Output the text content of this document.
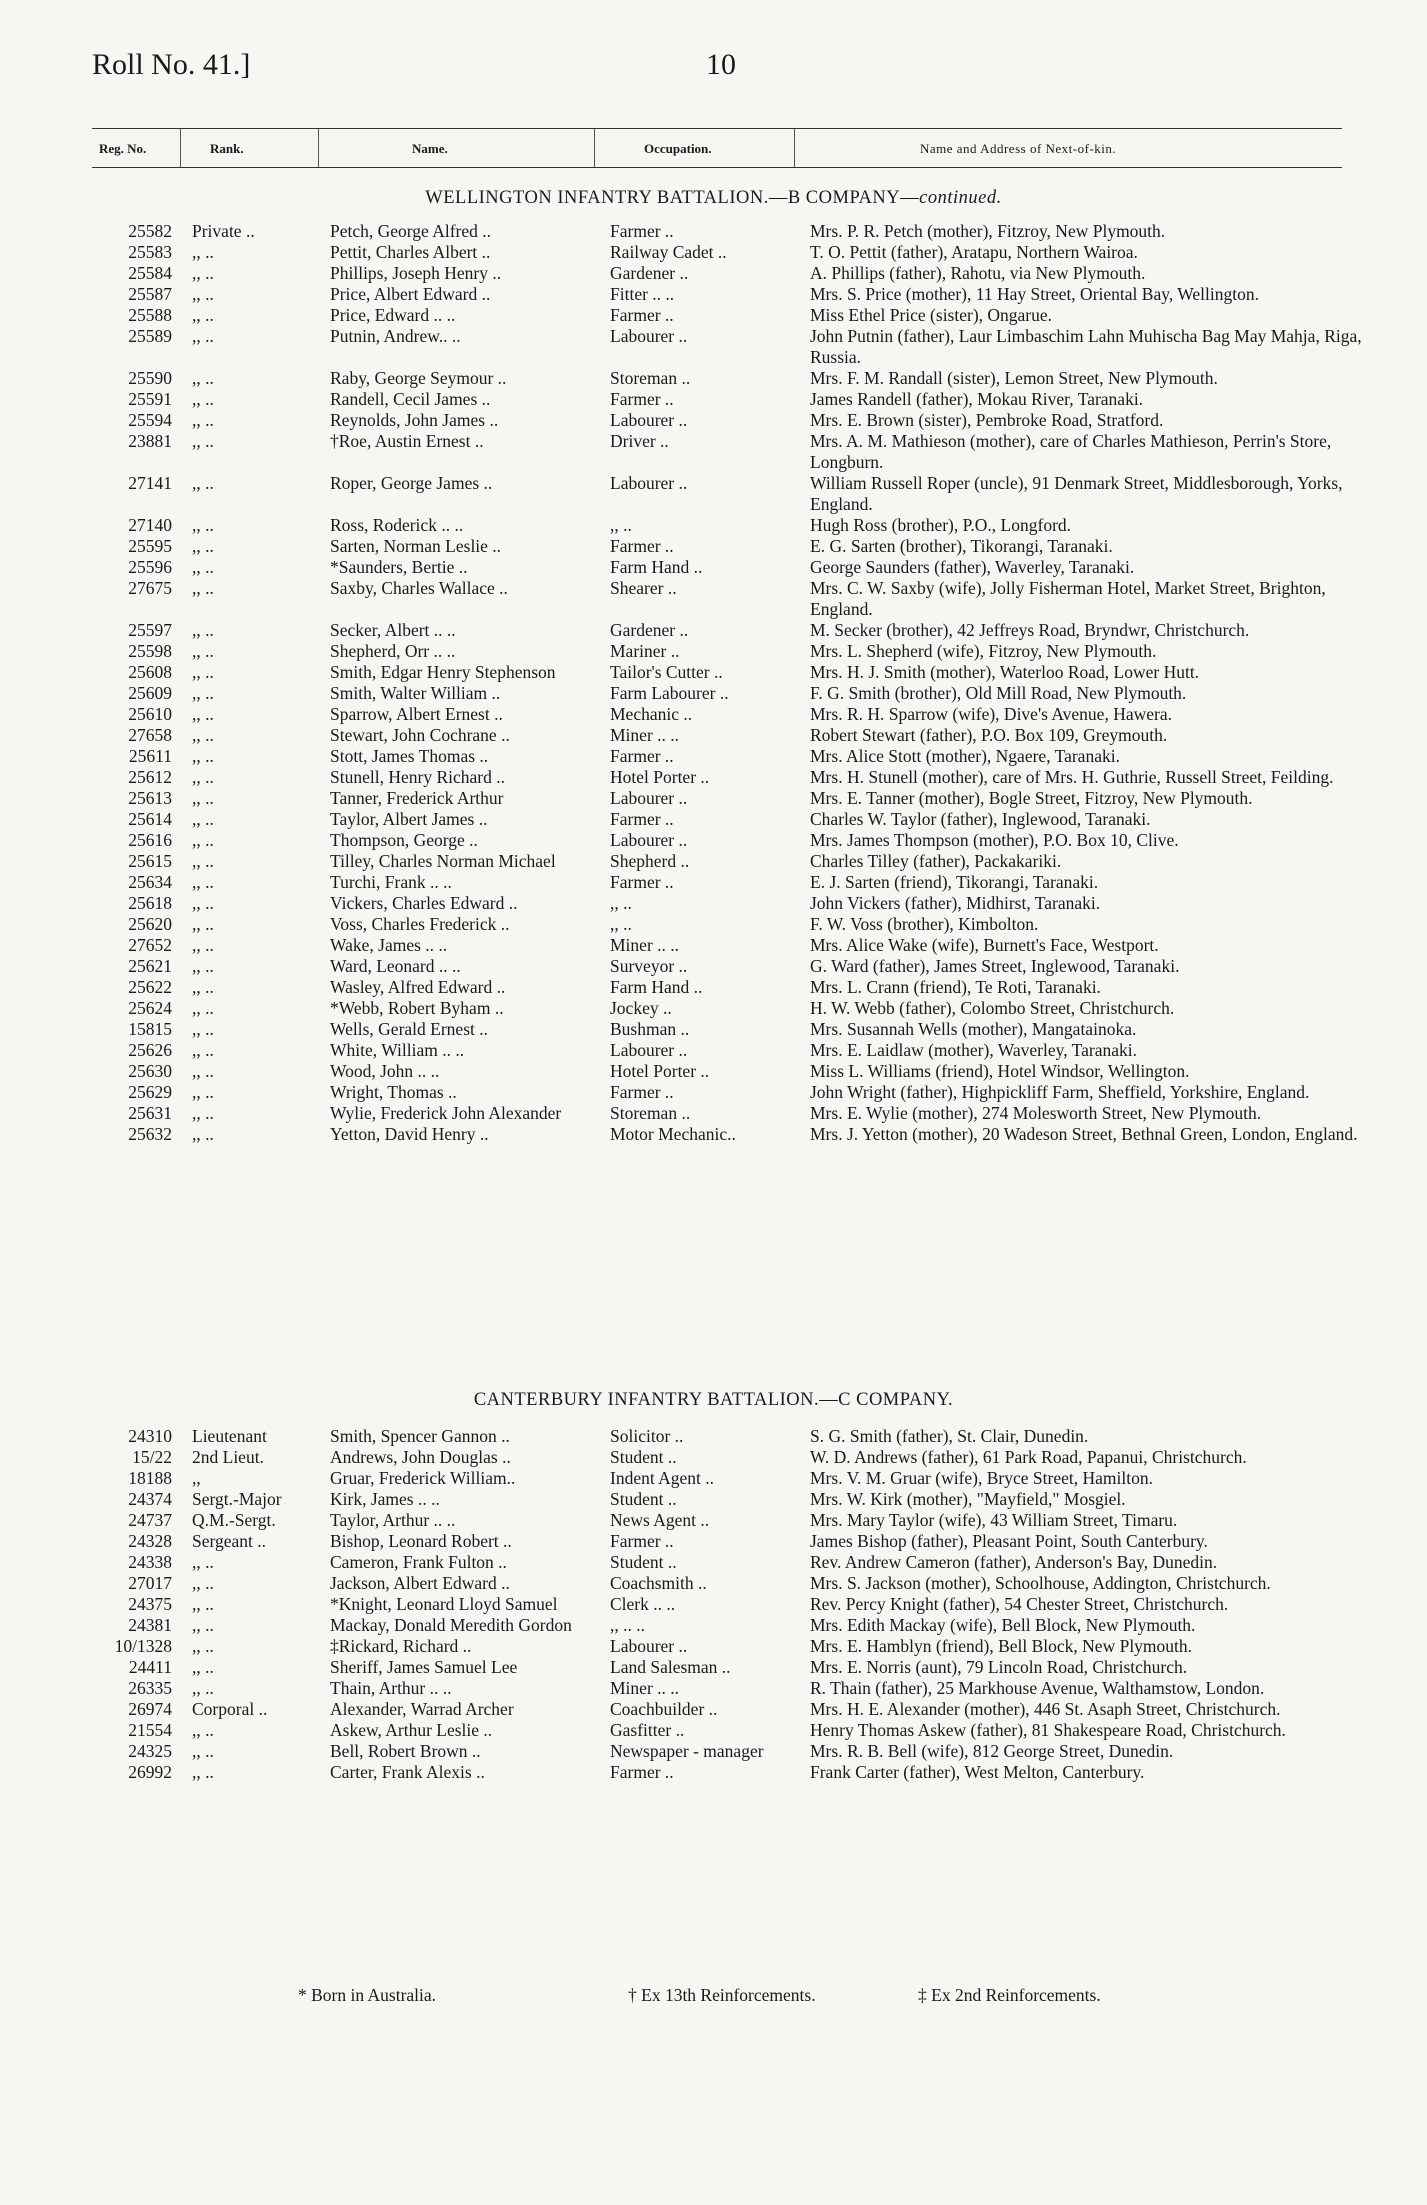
Roll No. 41.]	10
Reg. No.	Rank.	Name.	Occupation.	Name and Address of Next-of-kin.
WELLINGTON INFANTRY BATTALION.—B COMPANY—continued.
25582	Private ..	Petch, George Alfred ..	Farmer ..	Mrs. P. R. Petch (mother), Fitzroy, New Plymouth.
25583	,, ..	Pettit, Charles Albert ..	Railway Cadet ..	T. O. Pettit (father), Aratapu, Northern Wairoa.
25584	,, ..	Phillips, Joseph Henry ..	Gardener ..	A. Phillips (father), Rahotu, via New Plymouth.
25587	,, ..	Price, Albert Edward ..	Fitter .. ..	Mrs. S. Price (mother), 11 Hay Street, Oriental Bay, Wellington.
25588	,, ..	Price, Edward .. ..	Farmer ..	Miss Ethel Price (sister), Ongarue.
25589	,, ..	Putnin, Andrew.. ..	Labourer ..	John Putnin (father), Laur Limbaschim Lahn Muhischa Bag May Mahja, Riga, Russia.
25590	,, ..	Raby, George Seymour ..	Storeman ..	Mrs. F. M. Randall (sister), Lemon Street, New Plymouth.
25591	,, ..	Randell, Cecil James ..	Farmer ..	James Randell (father), Mokau River, Taranaki.
25594	,, ..	Reynolds, John James ..	Labourer ..	Mrs. E. Brown (sister), Pembroke Road, Stratford.
23881	,, ..	†Roe, Austin Ernest ..	Driver ..	Mrs. A. M. Mathieson (mother), care of Charles Mathieson, Perrin's Store, Longburn.
27141	,, ..	Roper, George James ..	Labourer ..	William Russell Roper (uncle), 91 Denmark Street, Middlesborough, Yorks, England.
27140	,, ..	Ross, Roderick .. ..	,, ..	Hugh Ross (brother), P.O., Longford.
25595	,, ..	Sarten, Norman Leslie ..	Farmer ..	E. G. Sarten (brother), Tikorangi, Taranaki.
25596	,, ..	*Saunders, Bertie ..	Farm Hand ..	George Saunders (father), Waverley, Taranaki.
27675	,, ..	Saxby, Charles Wallace ..	Shearer ..	Mrs. C. W. Saxby (wife), Jolly Fisherman Hotel, Market Street, Brighton, England.
25597	,, ..	Secker, Albert .. ..	Gardener ..	M. Secker (brother), 42 Jeffreys Road, Bryndwr, Christchurch.
25598	,, ..	Shepherd, Orr .. ..	Mariner ..	Mrs. L. Shepherd (wife), Fitzroy, New Plymouth.
25608	,, ..	Smith, Edgar Henry Stephenson	Tailor's Cutter ..	Mrs. H. J. Smith (mother), Waterloo Road, Lower Hutt.
25609	,, ..	Smith, Walter William ..	Farm Labourer ..	F. G. Smith (brother), Old Mill Road, New Plymouth.
25610	,, ..	Sparrow, Albert Ernest ..	Mechanic ..	Mrs. R. H. Sparrow (wife), Dive's Avenue, Hawera.
27658	,, ..	Stewart, John Cochrane ..	Miner .. ..	Robert Stewart (father), P.O. Box 109, Greymouth.
25611	,, ..	Stott, James Thomas ..	Farmer ..	Mrs. Alice Stott (mother), Ngaere, Taranaki.
25612	,, ..	Stunell, Henry Richard ..	Hotel Porter ..	Mrs. H. Stunell (mother), care of Mrs. H. Guthrie, Russell Street, Feilding.
25613	,, ..	Tanner, Frederick Arthur	Labourer ..	Mrs. E. Tanner (mother), Bogle Street, Fitzroy, New Plymouth.
25614	,, ..	Taylor, Albert James ..	Farmer ..	Charles W. Taylor (father), Inglewood, Taranaki.
25616	,, ..	Thompson, George ..	Labourer ..	Mrs. James Thompson (mother), P.O. Box 10, Clive.
25615	,, ..	Tilley, Charles Norman Michael	Shepherd ..	Charles Tilley (father), Packakariki.
25634	,, ..	Turchi, Frank .. ..	Farmer ..	E. J. Sarten (friend), Tikorangi, Taranaki.
25618	,, ..	Vickers, Charles Edward ..	,, ..	John Vickers (father), Midhirst, Taranaki.
25620	,, ..	Voss, Charles Frederick ..	,, ..	F. W. Voss (brother), Kimbolton.
27652	,, ..	Wake, James .. ..	Miner .. ..	Mrs. Alice Wake (wife), Burnett's Face, Westport.
25621	,, ..	Ward, Leonard .. ..	Surveyor ..	G. Ward (father), James Street, Inglewood, Taranaki.
25622	,, ..	Wasley, Alfred Edward ..	Farm Hand ..	Mrs. L. Crann (friend), Te Roti, Taranaki.
25624	,, ..	*Webb, Robert Byham ..	Jockey ..	H. W. Webb (father), Colombo Street, Christchurch.
15815	,, ..	Wells, Gerald Ernest ..	Bushman ..	Mrs. Susannah Wells (mother), Mangatainoka.
25626	,, ..	White, William .. ..	Labourer ..	Mrs. E. Laidlaw (mother), Waverley, Taranaki.
25630	,, ..	Wood, John .. ..	Hotel Porter ..	Miss L. Williams (friend), Hotel Windsor, Wellington.
25629	,, ..	Wright, Thomas ..	Farmer ..	John Wright (father), Highpickliff Farm, Sheffield, Yorkshire, England.
25631	,, ..	Wylie, Frederick John Alexander	Storeman ..	Mrs. E. Wylie (mother), 274 Molesworth Street, New Plymouth.
25632	,, ..	Yetton, David Henry ..	Motor Mechanic..	Mrs. J. Yetton (mother), 20 Wadeson Street, Bethnal Green, London, England.
CANTERBURY INFANTRY BATTALION.—C COMPANY.
24310	Lieutenant	Smith, Spencer Gannon ..	Solicitor ..	S. G. Smith (father), St. Clair, Dunedin.
15/22	2nd Lieut.	Andrews, John Douglas ..	Student ..	W. D. Andrews (father), 61 Park Road, Papanui, Christchurch.
18188	,,	Gruar, Frederick William..	Indent Agent ..	Mrs. V. M. Gruar (wife), Bryce Street, Hamilton.
24374	Sergt.-Major	Kirk, James .. ..	Student ..	Mrs. W. Kirk (mother), "Mayfield," Mosgiel.
24737	Q.M.-Sergt.	Taylor, Arthur .. ..	News Agent ..	Mrs. Mary Taylor (wife), 43 William Street, Timaru.
24328	Sergeant ..	Bishop, Leonard Robert ..	Farmer ..	James Bishop (father), Pleasant Point, South Canterbury.
24338	,, ..	Cameron, Frank Fulton ..	Student ..	Rev. Andrew Cameron (father), Anderson's Bay, Dunedin.
27017	,, ..	Jackson, Albert Edward ..	Coachsmith ..	Mrs. S. Jackson (mother), Schoolhouse, Addington, Christchurch.
24375	,, ..	*Knight, Leonard Lloyd Samuel	Clerk .. ..	Rev. Percy Knight (father), 54 Chester Street, Christchurch.
24381	,, ..	Mackay, Donald Meredith Gordon	,, .. ..	Mrs. Edith Mackay (wife), Bell Block, New Plymouth.
10/1328	,, ..	‡Rickard, Richard ..	Labourer ..	Mrs. E. Hamblyn (friend), Bell Block, New Plymouth.
24411	,, ..	Sheriff, James Samuel Lee	Land Salesman ..	Mrs. E. Norris (aunt), 79 Lincoln Road, Christchurch.
26335	,, ..	Thain, Arthur .. ..	Miner .. ..	R. Thain (father), 25 Markhouse Avenue, Walthamstow, London.
26974	Corporal ..	Alexander, Warrad Archer	Coachbuilder ..	Mrs. H. E. Alexander (mother), 446 St. Asaph Street, Christchurch.
21554	,, ..	Askew, Arthur Leslie ..	Gasfitter ..	Henry Thomas Askew (father), 81 Shakespeare Road, Christchurch.
24325	,, ..	Bell, Robert Brown ..	Newspaper - manager	Mrs. R. B. Bell (wife), 812 George Street, Dunedin.
26992	,, ..	Carter, Frank Alexis ..	Farmer ..	Frank Carter (father), West Melton, Canterbury.
* Born in Australia.	† Ex 13th Reinforcements.	‡ Ex 2nd Reinforcements.
